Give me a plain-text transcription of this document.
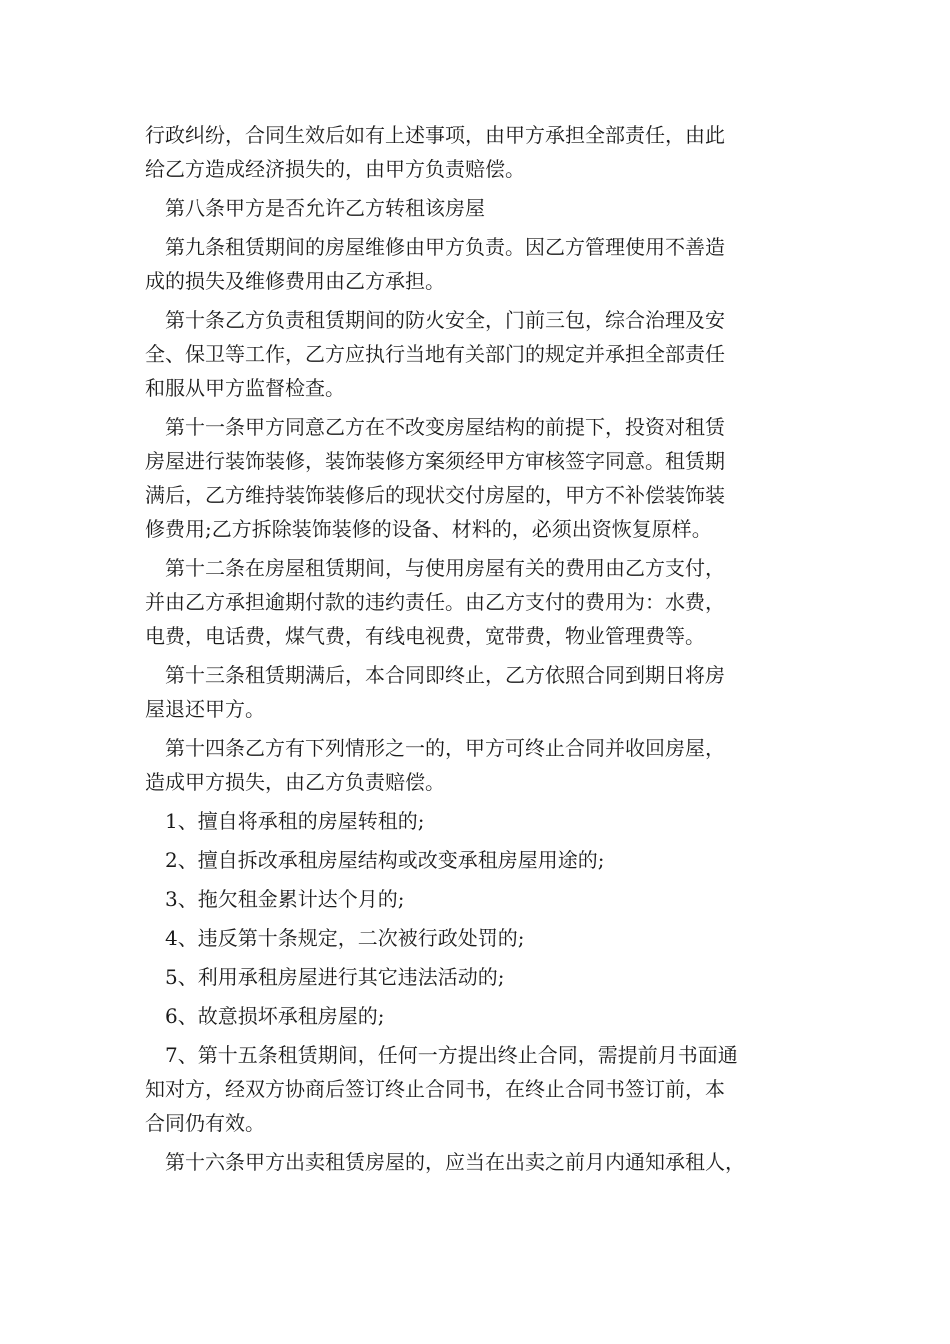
行政纠纷，合同生效后如有上述事项，由甲方承担全部责任，由此
给乙方造成经济损失的，由甲方负责赔偿。
第八条甲方是否允许乙方转租该房屋
第九条租赁期间的房屋维修由甲方负责。因乙方管理使用不善造
成的损失及维修费用由乙方承担。
第十条乙方负责租赁期间的防火安全，门前三包，综合治理及安
全、保卫等工作，乙方应执行当地有关部门的规定并承担全部责任
和服从甲方监督检查。
第十一条甲方同意乙方在不改变房屋结构的前提下，投资对租赁
房屋进行装饰装修，装饰装修方案须经甲方审核签字同意。租赁期
满后，乙方维持装饰装修后的现状交付房屋的，甲方不补偿装饰装
修费用;乙方拆除装饰装修的设备、材料的，必须出资恢复原样。
第十二条在房屋租赁期间，与使用房屋有关的费用由乙方支付，
并由乙方承担逾期付款的违约责任。由乙方支付的费用为：水费，
电费，电话费，煤气费，有线电视费，宽带费，物业管理费等。
第十三条租赁期满后，本合同即终止，乙方依照合同到期日将房
屋退还甲方。
第十四条乙方有下列情形之一的，甲方可终止合同并收回房屋，
造成甲方损失，由乙方负责赔偿。
1、擅自将承租的房屋转租的;
2、擅自拆改承租房屋结构或改变承租房屋用途的;
3、拖欠租金累计达个月的;
4、违反第十条规定，二次被行政处罚的;
5、利用承租房屋进行其它违法活动的;
6、故意损坏承租房屋的;
7、第十五条租赁期间，任何一方提出终止合同，需提前月书面通
知对方，经双方协商后签订终止合同书，在终止合同书签订前，本
合同仍有效。
第十六条甲方出卖租赁房屋的，应当在出卖之前月内通知承租人，
